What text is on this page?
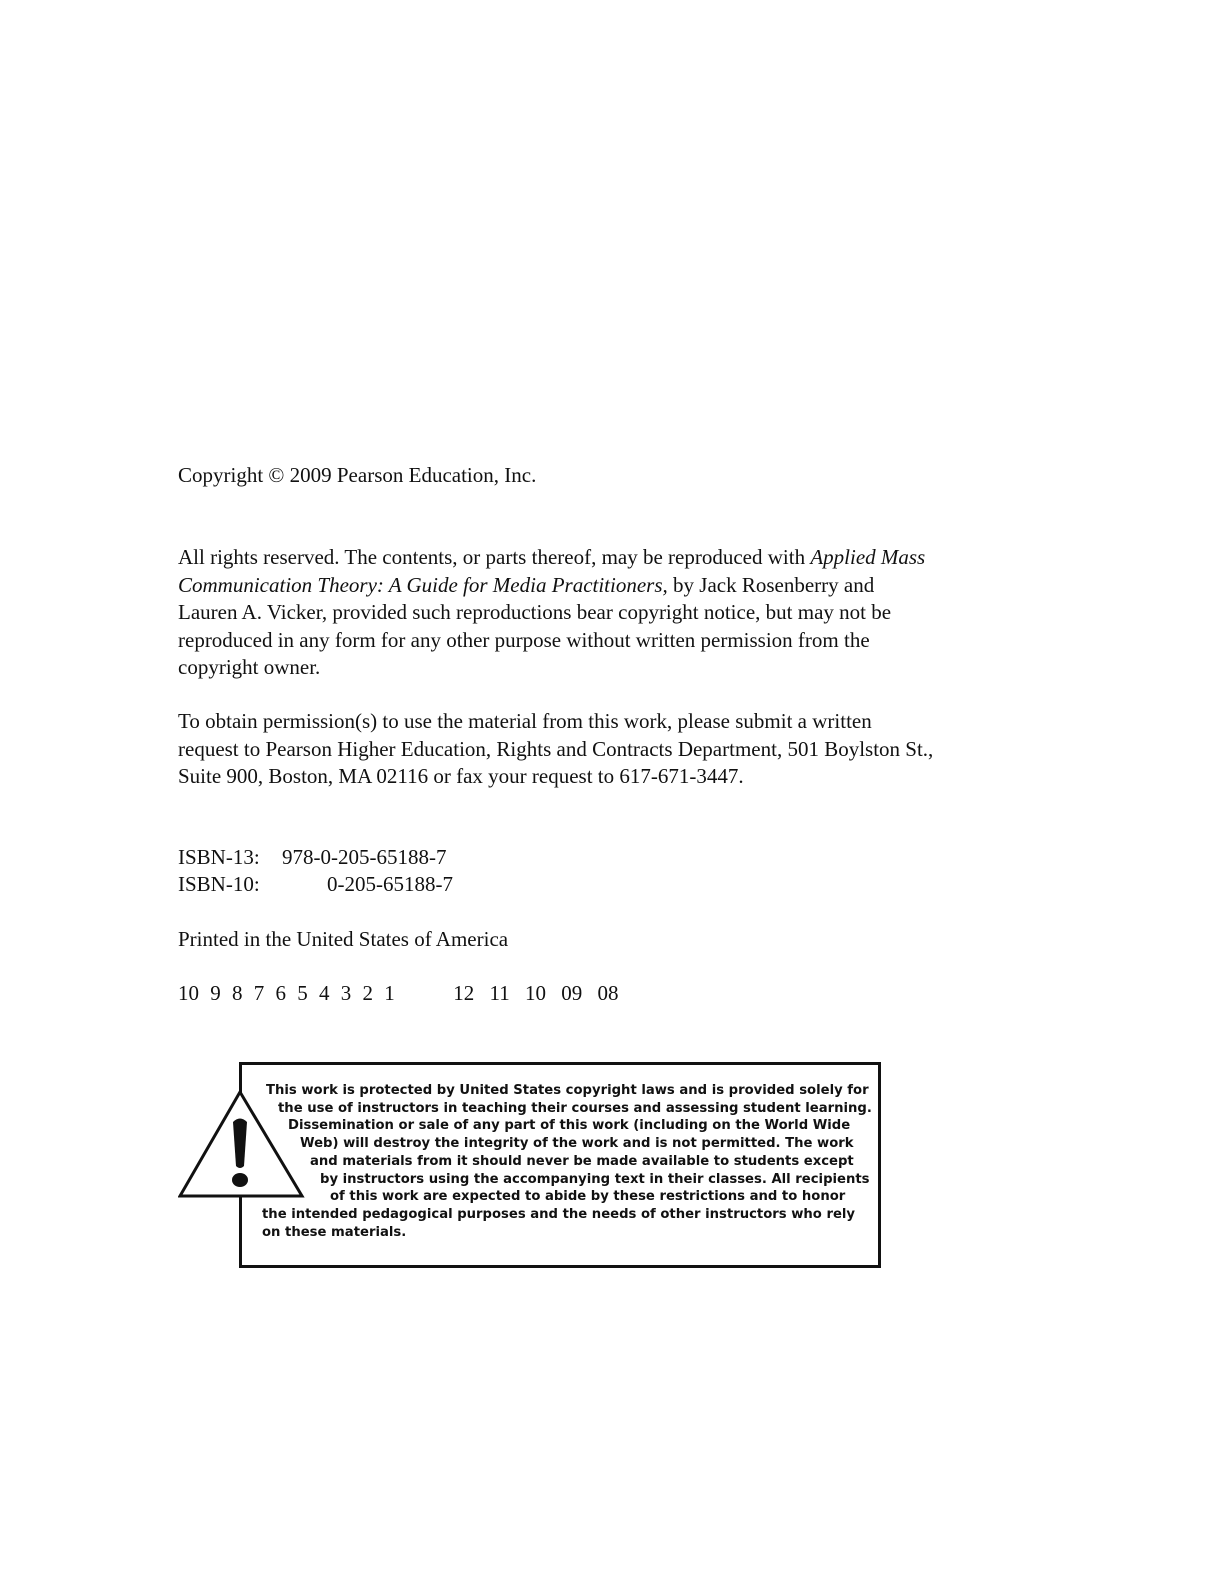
Copyright © 2009 Pearson Education, Inc.
All rights reserved. The contents, or parts thereof, may be reproduced with Applied Mass
Communication Theory: A Guide for Media Practitioners, by Jack Rosenberry and
Lauren A. Vicker, provided such reproductions bear copyright notice, but may not be
reproduced in any form for any other purpose without written permission from the
copyright owner.
To obtain permission(s) to use the material from this work, please submit a written
request to Pearson Higher Education, Rights and Contracts Department, 501 Boylston St.,
Suite 900, Boston, MA 02116 or fax your request to 617-671-3447.
ISBN-13: 978-0-205-65188-7
ISBN-10:	0-205-65188-7
Printed in the United States of America
10 9 8 7 6 5 4 3 2 1	12 11 10 09 08
This work is protected by United States copyright laws and is provided solely for
the use of instructors in teaching their courses and assessing student learning.
Dissemination or sale of any part of this work (including on the World Wide
Web) will destroy the integrity of the work and is not permitted. The work
and materials from it should never be made available to students except
by instructors using the accompanying text in their classes. All recipients
of this work are expected to abide by these restrictions and to honor
the intended pedagogical purposes and the needs of other instructors who rely
on these materials.
